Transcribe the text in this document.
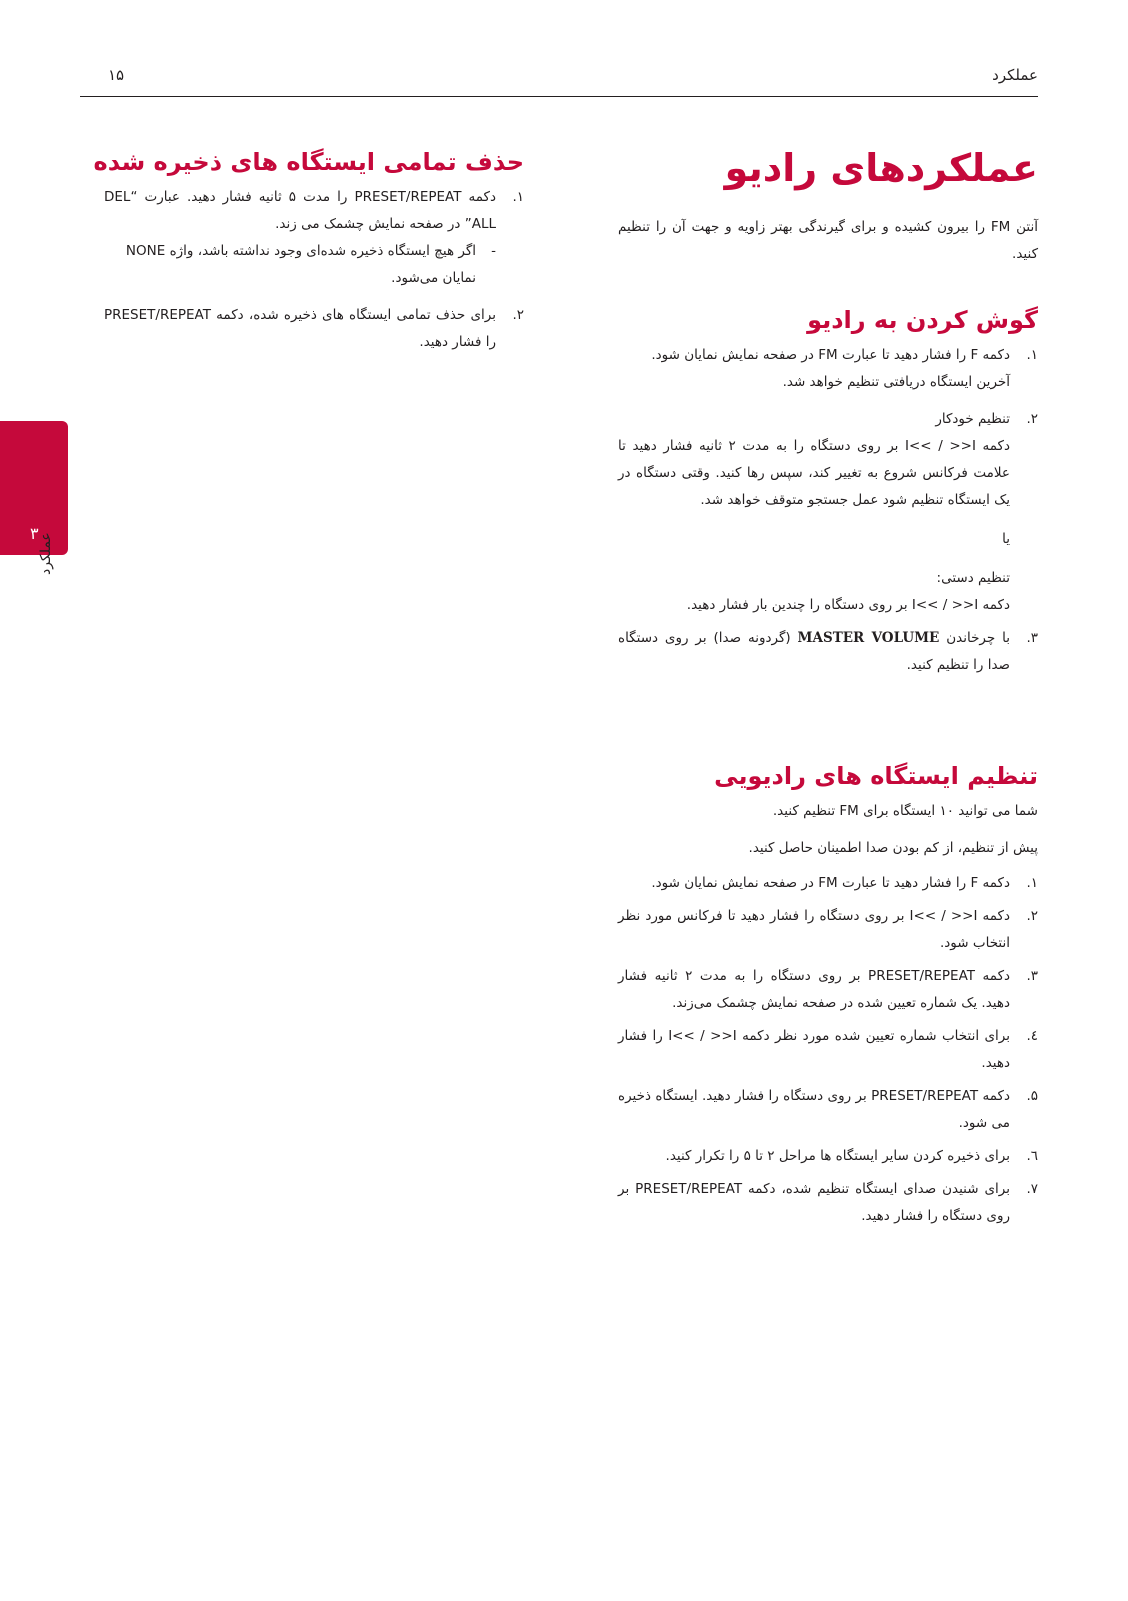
عملکرد
۱۵
۳ عملکرد
عملکردهای رادیو

آنتن FM را بیرون کشیده و برای گیرندگی بهتر زاویه و جهت آن را تنظیم کنید.

گوش کردن به رادیو
۱.
دکمه F را فشار دهید تا عبارت FM در صفحه نمایش نمایان شود.

آخرین ایستگاه دریافتی تنظیم خواهد شد.

۲.
تنظیم خودکار

دکمه I<< / >>I بر روی دستگاه را به مدت ۲ ثانیه فشار دهید تا علامت فرکانس شروع به تغییر کند، سپس رها کنید. وقتی دستگاه در یک ایستگاه تنظیم شود عمل جستجو متوقف خواهد شد.

یا

تنظیم دستی:

دکمه I<< / >>I بر روی دستگاه را چندین بار فشار دهید.

۳.
با چرخاندن MASTER VOLUME (گردونه صدا) بر روی دستگاه صدا را تنظیم کنید.
تنظیم ایستگاه های رادیویی

شما می توانید ۱۰ ایستگاه برای FM تنظیم کنید.

پیش از تنظیم، از کم بودن صدا اطمینان حاصل کنید.

۱.
دکمه F را فشار دهید تا عبارت FM در صفحه نمایش نمایان شود.
۲.
دکمه I<< / >>I بر روی دستگاه را فشار دهید تا فرکانس مورد نظر انتخاب شود.
۳.
دکمه PRESET/REPEAT بر روی دستگاه را به مدت ۲ ثانیه فشار دهید. یک شماره تعیین شده در صفحه نمایش چشمک می‌زند.
٤.
برای انتخاب شماره تعیین شده مورد نظر دکمه I<< / >>I را فشار دهید.
۵.
دکمه PRESET/REPEAT بر روی دستگاه را فشار دهید. ایستگاه ذخیره می شود.
٦.
برای ذخیره کردن سایر ایستگاه ها مراحل ۲ تا ۵ را تکرار کنید.
۷.
برای شنیدن صدای ایستگاه تنظیم شده، دکمه PRESET/REPEAT بر روی دستگاه را فشار دهید.
حذف تمامی ایستگاه های ذخیره شده
۱.
دکمه PRESET/REPEAT را مدت ۵ ثانیه فشار دهید. عبارت “DEL ALL” در صفحه نمایش چشمک می زند.
-
اگر هیچ ایستگاه ذخیره شده‌ای وجود نداشته باشد، واژه NONE نمایان می‌شود.
۲.
برای حذف تمامی ایستگاه های ذخیره شده، دکمه PRESET/REPEAT را فشار دهید.
